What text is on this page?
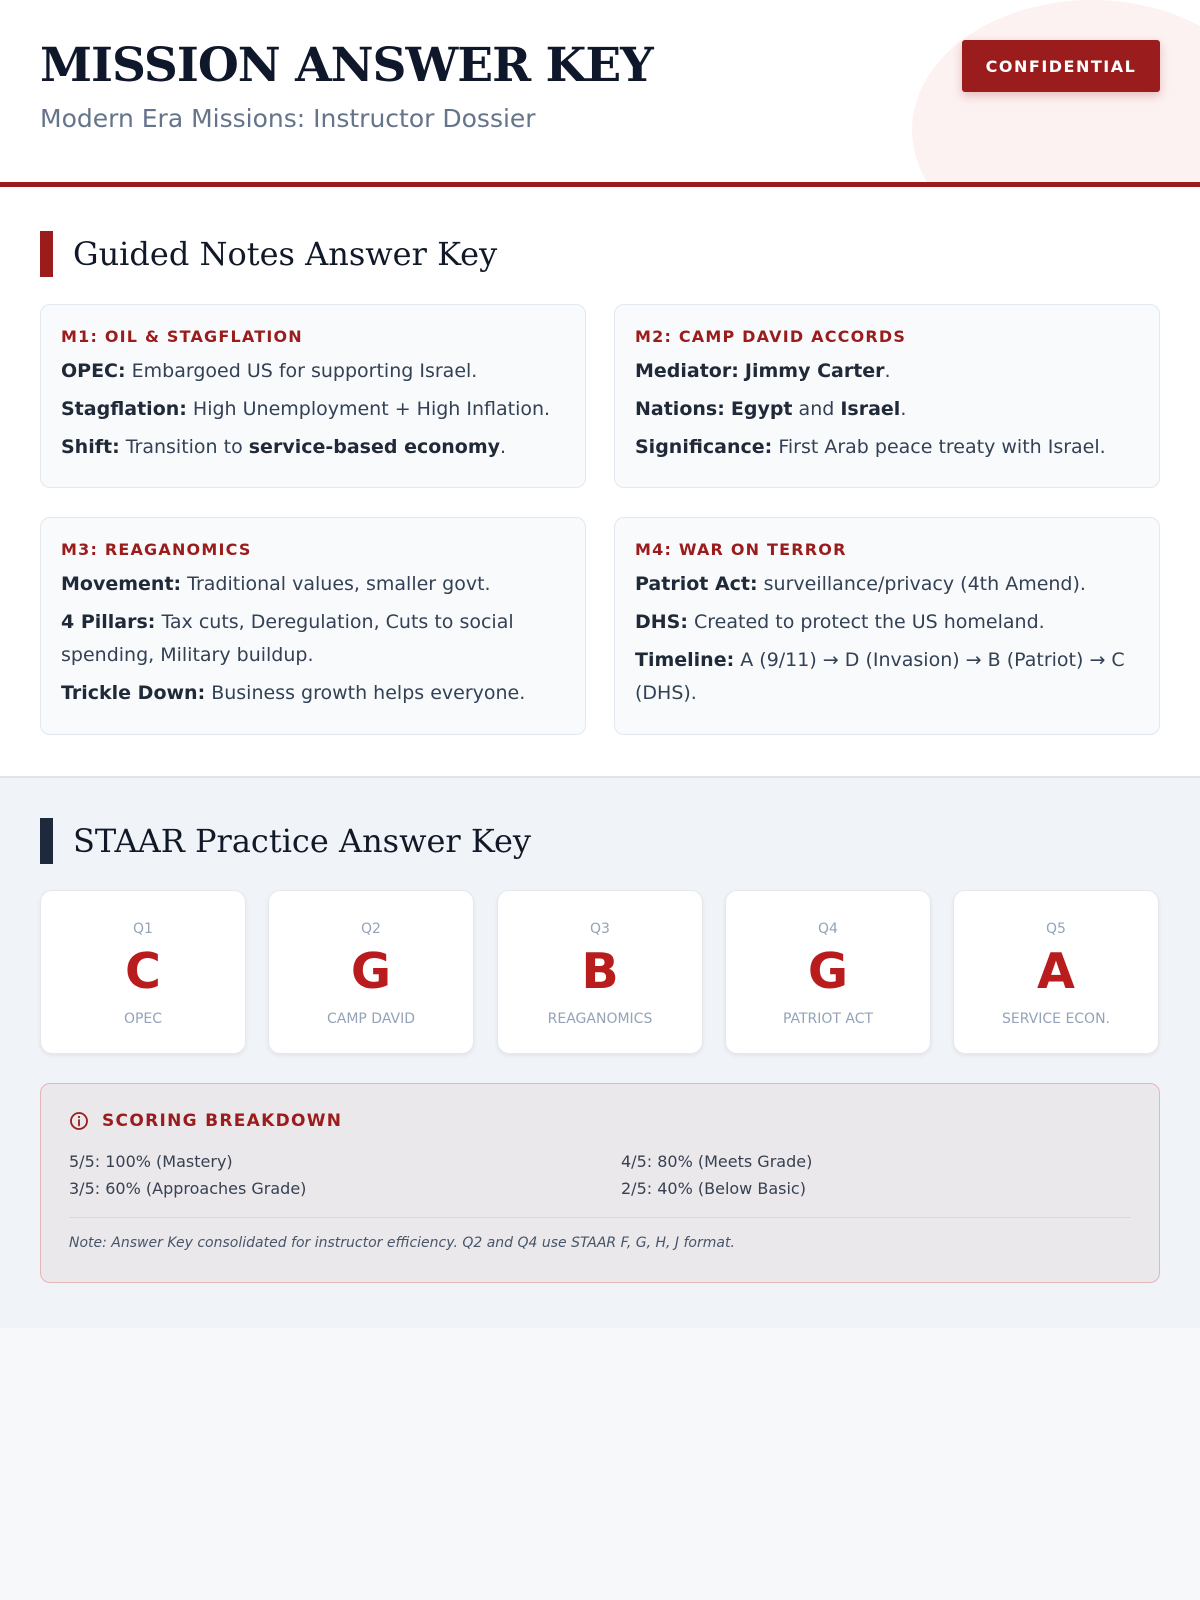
MISSION ANSWER KEY
Modern Era Missions: Instructor Dossier
CONFIDENTIAL
Guided Notes Answer Key
M1: OIL & STAGFLATION
OPEC: Embargoed US for supporting Israel.
Stagflation: High Unemployment + High Inflation.
Shift: Transition to service-based economy.
M2: CAMP DAVID ACCORDS
Mediator: Jimmy Carter.
Nations: Egypt and Israel.
Significance: First Arab peace treaty with Israel.
M3: REAGANOMICS
Movement: Traditional values, smaller govt.
4 Pillars: Tax cuts, Deregulation, Cuts to social spending, Military buildup.
Trickle Down: Business growth helps everyone.
M4: WAR ON TERROR
Patriot Act: surveillance/privacy (4th Amend).
DHS: Created to protect the US homeland.
Timeline: A (9/11) → D (Invasion) → B (Patriot) → C (DHS).
STAAR Practice Answer Key
Q1
C
OPEC
Q2
G
CAMP DAVID
Q3
B
REAGANOMICS
Q4
G
PATRIOT ACT
Q5
A
SERVICE ECON.
SCORING BREAKDOWN
5/5: 100% (Mastery)	4/5: 80% (Meets Grade)
3/5: 60% (Approaches Grade)	2/5: 40% (Below Basic)
Note: Answer Key consolidated for instructor efficiency. Q2 and Q4 use STAAR F, G, H, J format.
